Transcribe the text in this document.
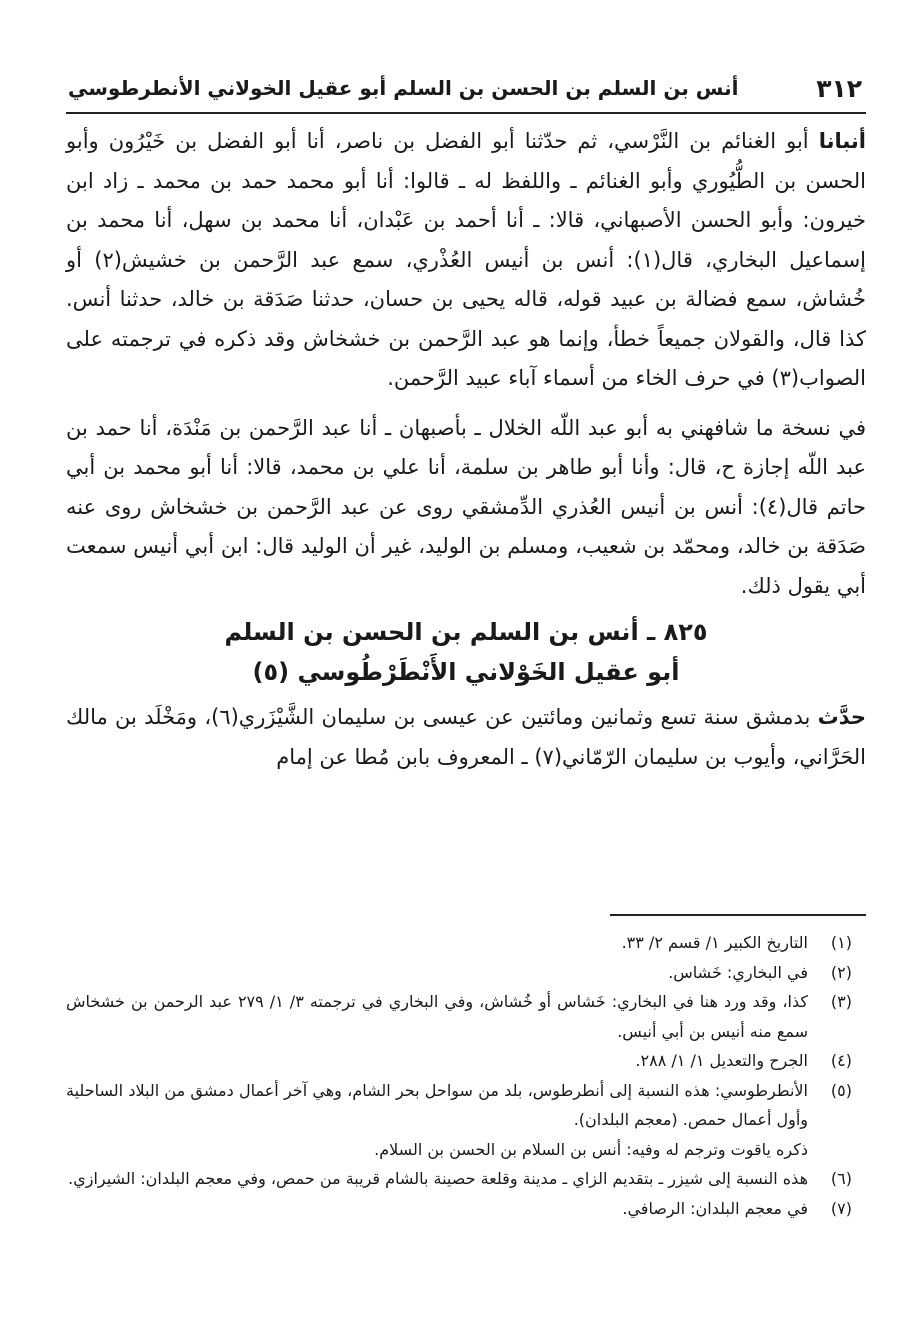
٣١٢
أنس بن السلم بن الحسن بن السلم أبو عقيل الخولاني الأنطرطوسي

أنبانا أبو الغنائم بن النَّرْسي، ثم حدّثنا أبو الفضل بن ناصر، أنا أبو الفضل بن خَيْرُون وأبو الحسن بن الطُّيُوري وأبو الغنائم ـ واللفظ له ـ قالوا: أنا أبو محمد حمد بن محمد ـ زاد ابن خيرون: وأبو الحسن الأصبهاني، قالا: ـ أنا أحمد بن عَبْدان، أنا محمد بن سهل، أنا محمد بن إسماعيل البخاري، قال(١): أنس بن أنيس العُذْري، سمع عبد الرَّحمن بن خشيش(٢) أو خُشاش، سمع فضالة بن عبيد قوله، قاله يحيى بن حسان، حدثنا صَدَقة بن خالد، حدثنا أنس. كذا قال، والقولان جميعاً خطأ، وإنما هو عبد الرَّحمن بن خشخاش وقد ذكره في ترجمته على الصواب(٣) في حرف الخاء من أسماء آباء عبيد الرَّحمن.

في نسخة ما شافهني به أبو عبد اللّه الخلال ـ بأصبهان ـ أنا عبد الرَّحمن بن مَنْدَة، أنا حمد بن عبد اللّه إجازة ح، قال: وأنا أبو طاهر بن سلمة، أنا علي بن محمد، قالا: أنا أبو محمد بن أبي حاتم قال(٤): أنس بن أنيس العُذري الدِّمشقي روى عن عبد الرَّحمن بن خشخاش روى عنه صَدَقة بن خالد، ومحمّد بن شعيب، ومسلم بن الوليد، غير أن الوليد قال: ابن أبي أنيس سمعت أبي يقول ذلك.

٨٢٥ ـ أنس بن السلم بن الحسن بن السلم
أبو عقيل الخَوْلاني الأَنْطَرْطُوسي (٥)

حدَّث بدمشق سنة تسع وثمانين ومائتين عن عيسى بن سليمان الشَّيْزَري(٦)، ومَخْلَد بن مالك الحَرَّاني، وأيوب بن سليمان الرّمّاني(٧) ـ المعروف بابن مُطا عن إمام

(١)
التاريخ الكبير ١/ قسم ٢/ ٣٣.
(٢)
في البخاري: خَشاس.
(٣)
كذا، وقد ورد هنا في البخاري: خَشاس أو خُشاش، وفي البخاري في ترجمته ٣/ ١/ ٢٧٩ عبد الرحمن بن خشخاش سمع منه أنيس بن أبي أنيس.
(٤)
الجرح والتعديل ١/ ١/ ٢٨٨.
(٥)
الأنطرطوسي: هذه النسبة إلى أنطرطوس، بلد من سواحل بحر الشام، وهي آخر أعمال دمشق من البلاد الساحلية وأول أعمال حمص. (معجم البلدان).
ذكره ياقوت وترجم له وفيه: أنس بن السلام بن الحسن بن السلام.
(٦)
هذه النسبة إلى شيزر ـ بتقديم الزاي ـ مدينة وقلعة حصينة بالشام قريبة من حمص، وفي معجم البلدان: الشيرازي.
(٧)
في معجم البلدان: الرصافي.
